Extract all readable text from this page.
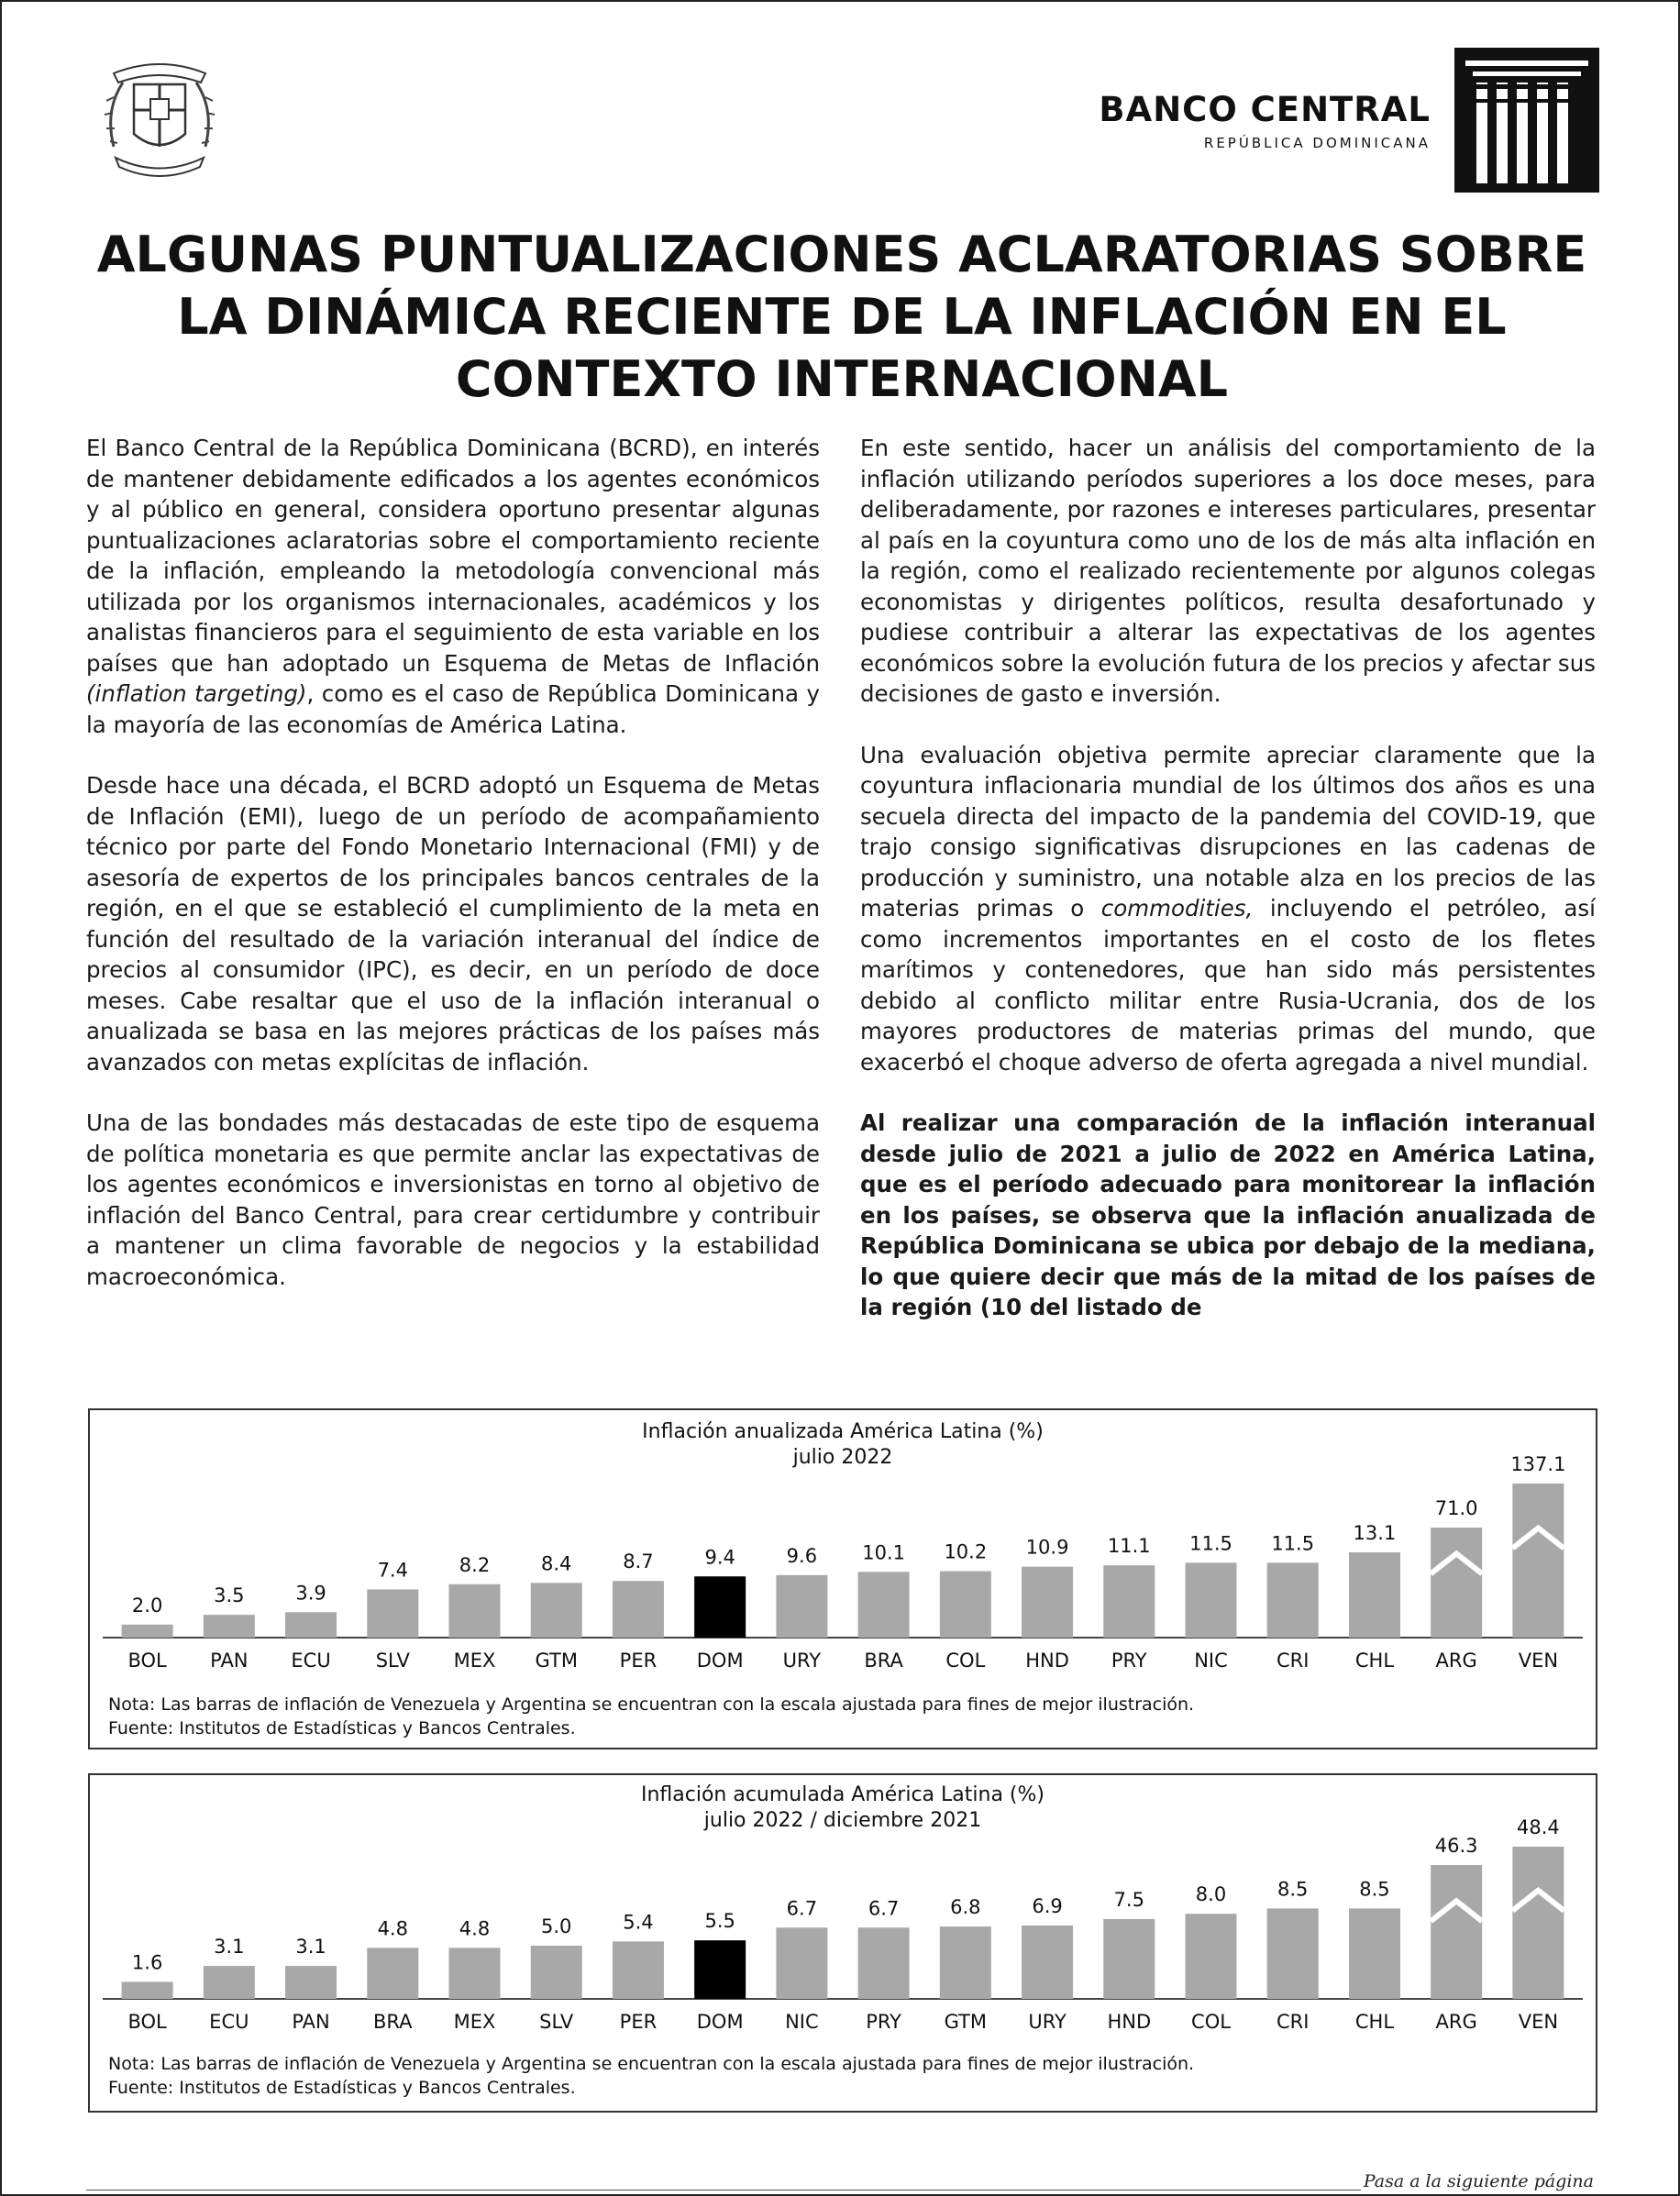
BANCO CENTRAL
REPÚBLICA DOMINICANA
ALGUNAS PUNTUALIZACIONES ACLARATORIAS SOBRE LA DINÁMICA RECIENTE DE LA INFLACIÓN EN EL CONTEXTO INTERNACIONAL

El Banco Central de la República Dominicana (BCRD), en interés de mantener debidamente edificados a los agentes económicos y al público en general, considera oportuno presentar algunas puntualizaciones aclaratorias sobre el comportamiento reciente de la inflación, empleando la metodología convencional más utilizada por los organismos internacionales, académicos y los analistas financieros para el seguimiento de esta variable en los países que han adoptado un Esquema de Metas de Inflación (inflation targeting), como es el caso de República Dominicana y la mayoría de las economías de América Latina.

Desde hace una década, el BCRD adoptó un Esquema de Metas de Inflación (EMI), luego de un período de acompañamiento técnico por parte del Fondo Monetario Internacional (FMI) y de asesoría de expertos de los principales bancos centrales de la región, en el que se estableció el cumplimiento de la meta en función del resultado de la variación interanual del índice de precios al consumidor (IPC), es decir, en un período de doce meses. Cabe resaltar que el uso de la inflación interanual o anualizada se basa en las mejores prácticas de los países más avanzados con metas explícitas de inflación.

Una de las bondades más destacadas de este tipo de esquema de política monetaria es que permite anclar las expectativas de los agentes económicos e inversionistas en torno al objetivo de inflación del Banco Central, para crear certidumbre y contribuir a mantener un clima favorable de negocios y la estabilidad macroeconómica.

En este sentido, hacer un análisis del comportamiento de la inflación utilizando períodos superiores a los doce meses, para deliberadamente, por razones e intereses particulares, presentar al país en la coyuntura como uno de los de más alta inflación en la región, como el realizado recientemente por algunos colegas economistas y dirigentes políticos, resulta desafortunado y pudiese contribuir a alterar las expectativas de los agentes económicos sobre la evolución futura de los precios y afectar sus decisiones de gasto e inversión.

Una evaluación objetiva permite apreciar claramente que la coyuntura inflacionaria mundial de los últimos dos años es una secuela directa del impacto de la pandemia del COVID-19, que trajo consigo significativas disrupciones en las cadenas de producción y suministro, una notable alza en los precios de las materias primas o commodities, incluyendo el petróleo, así como incrementos importantes en el costo de los fletes marítimos y contenedores, que han sido más persistentes debido al conflicto militar entre Rusia-Ucrania, dos de los mayores productores de materias primas del mundo, que exacerbó el choque adverso de oferta agregada a nivel mundial.

Al realizar una comparación de la inflación interanual desde julio de 2021 a julio de 2022 en América Latina, que es el período adecuado para monitorear la inflación en los países, se observa que la inflación anualizada de República Dominicana se ubica por debajo de la mediana, lo que quiere decir que más de la mitad de los países de la región (10 del listado de

Inflación anualizada América Latina (%)
julio 2022
2.0
BOL
3.5
PAN
3.9
ECU
7.4
SLV
8.2
MEX
8.4
GTM
8.7
PER
9.4
DOM
9.6
URY
10.1
BRA
10.2
COL
10.9
HND
11.1
PRY
11.5
NIC
11.5
CRI
13.1
CHL
71.0
ARG
137.1
VEN
Nota: Las barras de inflación de Venezuela y Argentina se encuentran con la escala ajustada para fines de mejor ilustración.
Fuente: Institutos de Estadísticas y Bancos Centrales.
Inflación acumulada América Latina (%)
julio 2022 / diciembre 2021
1.6
BOL
3.1
ECU
3.1
PAN
4.8
BRA
4.8
MEX
5.0
SLV
5.4
PER
5.5
DOM
6.7
NIC
6.7
PRY
6.8
GTM
6.9
URY
7.5
HND
8.0
COL
8.5
CRI
8.5
CHL
46.3
ARG
48.4
VEN
Nota: Las barras de inflación de Venezuela y Argentina se encuentran con la escala ajustada para fines de mejor ilustración.
Fuente: Institutos de Estadísticas y Bancos Centrales.
Pasa a la siguiente página
